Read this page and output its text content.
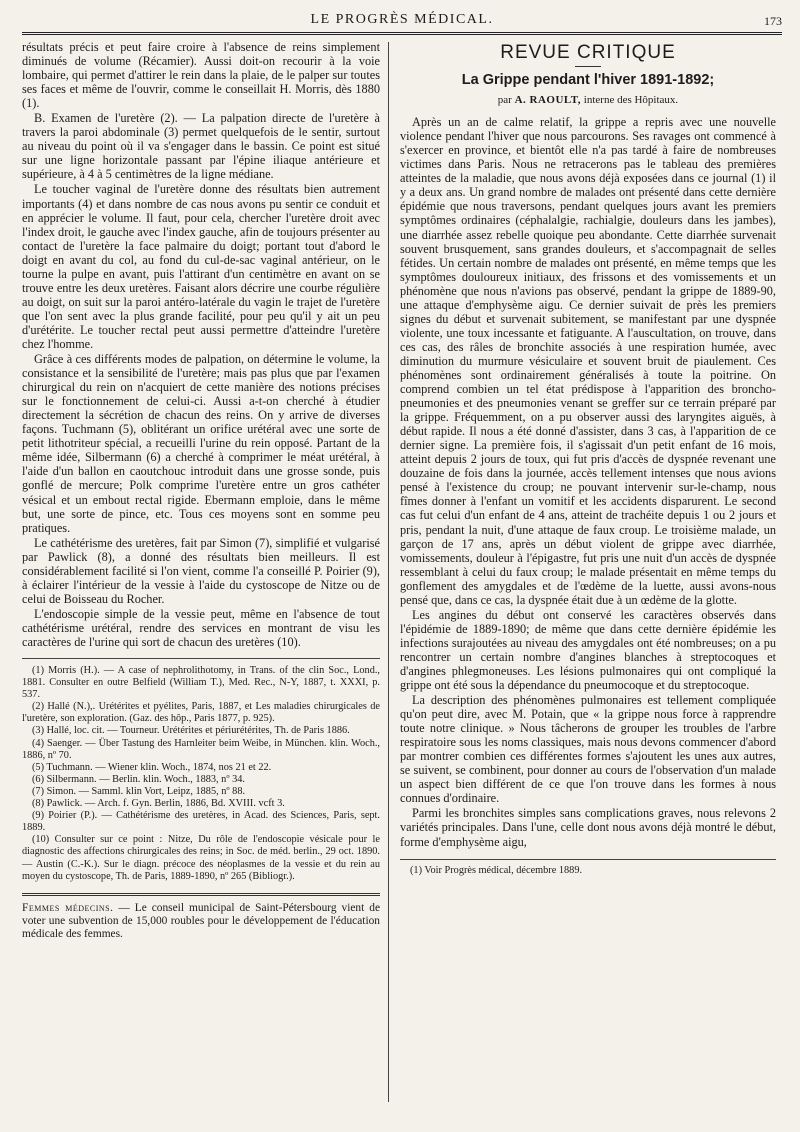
LE PROGRÈS MÉDICAL.	173

résultats précis et peut faire croire à l'absence de reins simplement diminués de volume (Récamier). Aussi doit-on recourir à la voie lombaire, qui permet d'attirer le rein dans la plaie, de le palper sur toutes ses faces et même de l'ouvrir, comme le conseillait H. Morris, dès 1880 (1).

B. Examen de l'uretère (2). — La palpation directe de l'uretère à travers la paroi abdominale (3) permet quelquefois de le sentir, surtout au niveau du point où il va s'engager dans le bassin. Ce point est situé sur une ligne horizontale passant par l'épine iliaque antérieure et supérieure, à 4 à 5 centimètres de la ligne médiane.

Le toucher vaginal de l'uretère donne des résultats bien autrement importants (4) et dans nombre de cas nous avons pu sentir ce conduit et en apprécier le volume. Il faut, pour cela, chercher l'uretère droit avec l'index droit, le gauche avec l'index gauche, afin de toujours présenter au contact de l'uretère la face palmaire du doigt; portant tout d'abord le doigt en avant du col, au fond du cul-de-sac vaginal antérieur, on le tourne la pulpe en avant, puis l'attirant d'un centimètre en avant on se trouve entre les deux uretères. Faisant alors décrire une courbe régulière au doigt, on suit sur la paroi antéro-latérale du vagin le trajet de l'uretère que l'on sent avec la plus grande facilité, pour peu qu'il y ait un peu d'urétérite. Le toucher rectal peut aussi permettre d'atteindre l'uretère chez l'homme.

Grâce à ces différents modes de palpation, on détermine le volume, la consistance et la sensibilité de l'uretère; mais pas plus que par l'examen chirurgical du rein on n'acquiert de cette manière des notions précises sur le fonctionnement de celui-ci. Aussi a-t-on cherché à étudier directement la sécrétion de chacun des reins. On y arrive de diverses façons. Tuchmann (5), oblitérant un orifice urétéral avec une sorte de petit lithotriteur spécial, a recueilli l'urine du rein opposé. Partant de la même idée, Silbermann (6) a cherché à comprimer le méat urétéral, à l'aide d'un ballon en caoutchouc introduit dans une grosse sonde, puis gonflé de mercure; Polk comprime l'uretère entre un gros cathéter vésical et un embout rectal rigide. Ebermann emploie, dans le même but, une sorte de pince, etc. Tous ces moyens sont en somme peu pratiques.

Le cathétérisme des uretères, fait par Simon (7), simplifié et vulgarisé par Pawlick (8), a donné des résultats bien meilleurs. Il est considérablement facilité si l'on vient, comme l'a conseillé P. Poirier (9), à éclairer l'intérieur de la vessie à l'aide du cystoscope de Nitze ou de celui de Boisseau du Rocher.

L'endoscopie simple de la vessie peut, même en l'absence de tout cathétérisme urétéral, rendre des services en montrant de visu les caractères de l'urine qui sort de chacun des uretères (10).

(1) Morris (H.). — A case of nephrolithotomy, in Trans. of the clin Soc., Lond., 1881. Consulter en outre Belfield (William T.), Med. Rec., N-Y, 1887, t. XXXI, p. 537.

(2) Hallé (N.),. Urétérites et pyélites, Paris, 1887, et Les maladies chirurgicales de l'uretère, son exploration. (Gaz. des hôp., Paris 1877, p. 925).

(3) Hallé, loc. cit. — Tourneur. Urétérites et périurétérites, Th. de Paris 1886.

(4) Saenger. — Über Tastung des Harnleiter beim Weibe, in München. klin. Woch., 1886, nº 70.

(5) Tuchmann. — Wiener klin. Woch., 1874, nos 21 et 22.

(6) Silbermann. — Berlin. klin. Woch., 1883, nº 34.

(7) Simon. — Samml. klin Vort, Leipz, 1885, nº 88.

(8) Pawlick. — Arch. f. Gyn. Berlin, 1886, Bd. XVIII. vcft 3.

(9) Poirier (P.). — Cathétérisme des uretères, in Acad. des Sciences, Paris, sept. 1889.

(10) Consulter sur ce point : Nitze, Du rôle de l'endoscopie vésicale pour le diagnostic des affections chirurgicales des reins; in Soc. de méd. berlin., 29 oct. 1890. — Austin (C.-K.). Sur le diagn. précoce des néoplasmes de la vessie et du rein au moyen du cystoscope, Th. de Paris, 1889-1890, nº 265 (Bibliogr.).

Femmes médecins. — Le conseil municipal de Saint-Pétersbourg vient de voter une subvention de 15,000 roubles pour le développement de l'éducation médicale des femmes.

REVUE CRITIQUE
La Grippe pendant l'hiver 1891-1892;
par A. RAOULT, interne des Hôpitaux.

Après un an de calme relatif, la grippe a repris avec une nouvelle violence pendant l'hiver que nous parcourons. Ses ravages ont commencé à s'exercer en province, et bientôt elle n'a pas tardé à faire de nombreuses victimes dans Paris. Nous ne retracerons pas le tableau des premières atteintes de la maladie, que nous avons déjà exposées dans ce journal (1) il y a deux ans. Un grand nombre de malades ont présenté dans cette dernière épidémie que nous traversons, pendant quelques jours avant les premiers symptômes ordinaires (céphalalgie, rachialgie, douleurs dans les jambes), une diarrhée assez rebelle quoique peu abondante. Cette diarrhée survenait souvent brusquement, sans grandes douleurs, et s'accompagnait de selles fétides. Un certain nombre de malades ont présenté, en même temps que les symptômes douloureux initiaux, des frissons et des vomissements et un phénomène que nous n'avions pas observé, pendant la grippe de 1889-90, une attaque d'emphysème aigu. Ce dernier suivait de près les premiers signes du début et survenait subitement, se manifestant par une dyspnée violente, une toux incessante et fatiguante. A l'auscultation, on trouve, dans ces cas, des râles de bronchite associés à une respiration humée, avec diminution du murmure vésiculaire et souvent bruit de piaulement. Ces phénomènes sont ordinairement généralisés à toute la poitrine. On comprend combien un tel état prédispose à l'apparition des broncho-pneumonies et des pneumonies venant se greffer sur ce terrain préparé par la grippe. Fréquemment, on a pu observer aussi des laryngites aiguës, à début rapide. Il nous a été donné d'assister, dans 3 cas, à l'apparition de ce dernier signe. La première fois, il s'agissait d'un petit enfant de 16 mois, atteint depuis 2 jours de toux, qui fut pris d'accès de dyspnée revenant une douzaine de fois dans la journée, accès tellement intenses que nous avions pensé à l'existence du croup; ne pouvant intervenir sur-le-champ, nous fîmes donner à l'enfant un vomitif et les accidents disparurent. Le second cas fut celui d'un enfant de 4 ans, atteint de trachéite depuis 1 ou 2 jours et pris, pendant la nuit, d'une attaque de faux croup. Le troisième malade, un garçon de 17 ans, après un début violent de grippe avec diarrhée, vomissements, douleur à l'épigastre, fut pris une nuit d'un accès de dyspnée ressemblant à celui du faux croup; le malade présentait en même temps du gonflement des amygdales et de l'œdème de la luette, aussi avons-nous pensé que, dans ce cas, la dyspnée était due à un œdème de la glotte.

Les angines du début ont conservé les caractères observés dans l'épidémie de 1889-1890; de même que dans cette dernière épidémie les infections surajoutées au niveau des amygdales ont été nombreuses; on a pu rencontrer un certain nombre d'angines blanches à streptocoques et d'angines phlegmoneuses. Les lésions pulmonaires qui ont compliqué la grippe ont été sous la dépendance du pneumocoque et du streptocoque.

La description des phénomènes pulmonaires est tellement compliquée qu'on peut dire, avec M. Potain, que « la grippe nous force à rapprendre toute notre clinique. » Nous tâcherons de grouper les troubles de l'arbre respiratoire sous les noms classiques, mais nous devons commencer d'abord par montrer combien ces différentes formes s'ajoutent les unes aux autres, se suivent, se combinent, pour donner au cours de l'observation d'un malade un aspect bien différent de ce que l'on trouve dans les formes à nous connues d'ordinaire.

Parmi les bronchites simples sans complications graves, nous relevons 2 variétés principales. Dans l'une, celle dont nous avons déjà montré le début, forme d'emphysème aigu,

(1) Voir Progrès médical, décembre 1889.
